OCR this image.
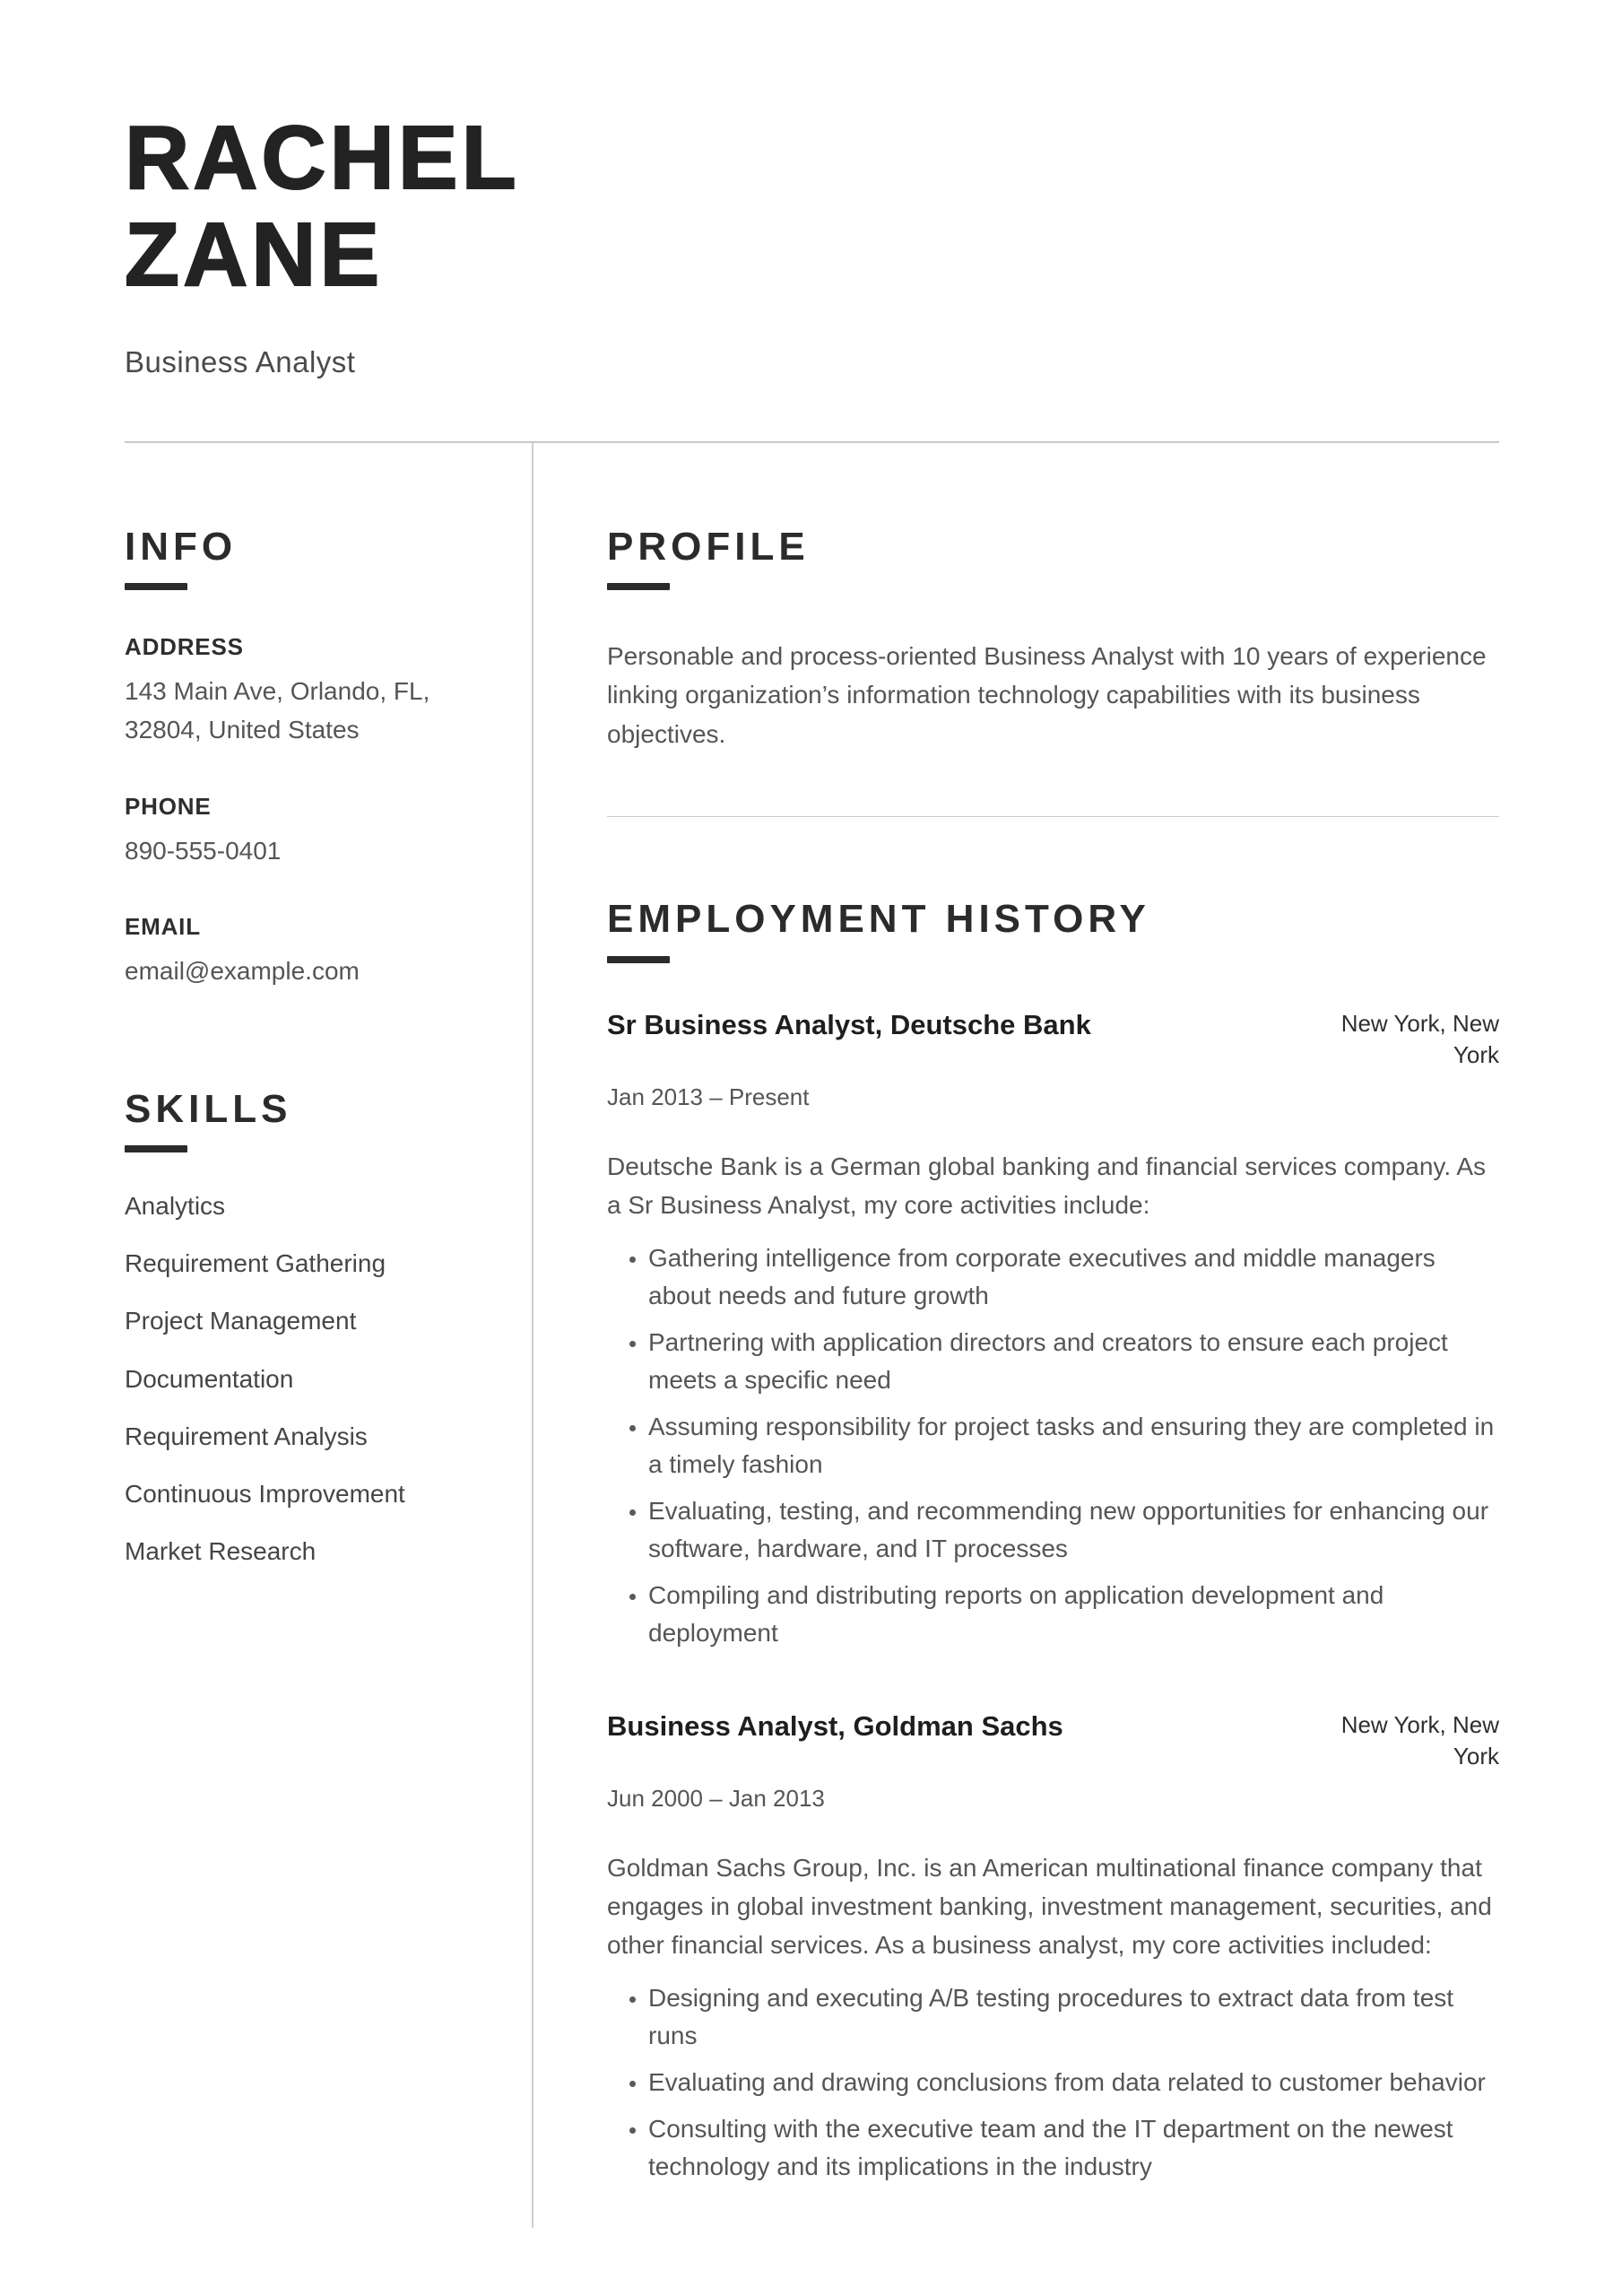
RACHEL
ZANE
Business Analyst
INFO
ADDRESS
143 Main Ave, Orlando, FL,
32804, United States
PHONE
890-555-0401
EMAIL
email@example.com
SKILLS
Analytics
Requirement Gathering
Project Management
Documentation
Requirement Analysis
Continuous Improvement
Market Research
PROFILE

Personable and process-oriented Business Analyst with 10 years of experience linking organization’s information technology capabilities with its business objectives.

EMPLOYMENT HISTORY
Sr Business Analyst, Deutsche Bank	New York, New York
Jan 2013 – Present

Deutsche Bank is a German global banking and financial services company. As a Sr Business Analyst, my core activities include:

• Gathering intelligence from corporate executives and middle managers about needs and future growth
• Partnering with application directors and creators to ensure each project meets a specific need
• Assuming responsibility for project tasks and ensuring they are completed in a timely fashion
• Evaluating, testing, and recommending new opportunities for enhancing our software, hardware, and IT processes
• Compiling and distributing reports on application development and deployment
Business Analyst, Goldman Sachs	New York, New York
Jun 2000 – Jan 2013

Goldman Sachs Group, Inc. is an American multinational finance company that engages in global investment banking, investment management, securities, and other financial services. As a business analyst, my core activities included:

• Designing and executing A/B testing procedures to extract data from test runs
• Evaluating and drawing conclusions from data related to customer behavior
• Consulting with the executive team and the IT department on the newest technology and its implications in the industry
